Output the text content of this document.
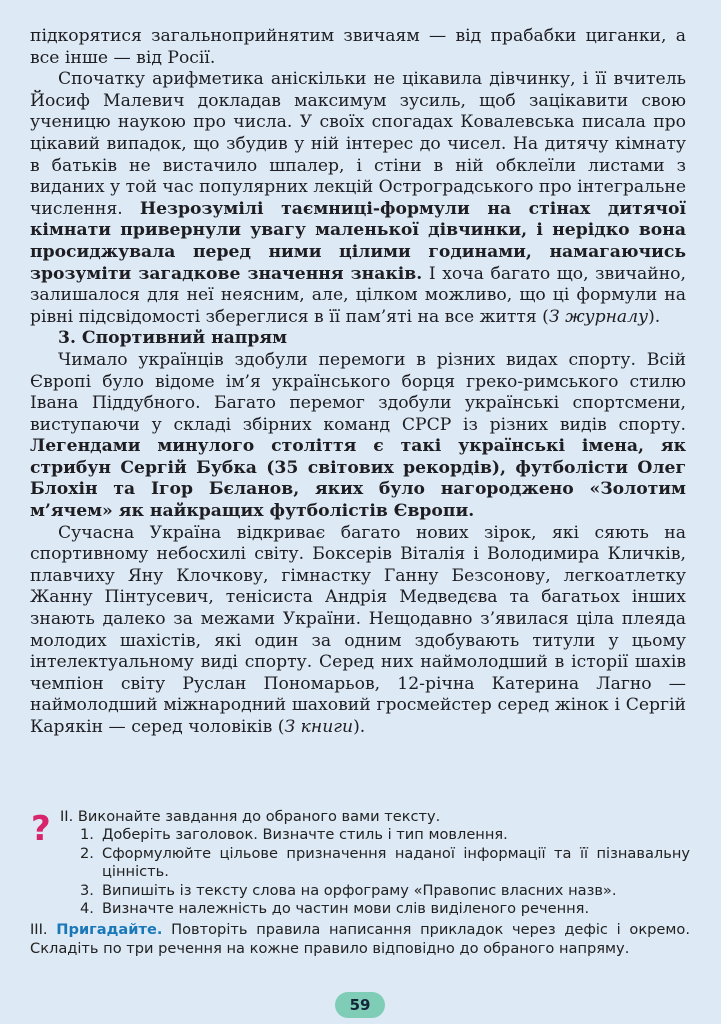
підкорятися загальноприйнятим звичаям — від прабабки циганки, а все інше — від Росії.

Спочатку арифметика аніскільки не цікавила дівчинку, і її вчитель Йосиф Малевич докладав максимум зусиль, щоб зацікавити свою ученицю наукою про числа. У своїх спогадах Ковалевська писала про цікавий випадок, що збудив у ній інтерес до чисел. На дитячу кімнату в батьків не вистачило шпалер, і стіни в ній обклеїли листами з виданих у той час популярних лекцій Остроградського про інтегральне числення. Незрозумілі таємниці-формули на стінах дитячої кімнати привернули увагу маленької дівчинки, і нерідко вона просиджувала перед ними цілими годинами, намагаючись зрозуміти загадкове значення знаків. І хоча багато що, звичайно, залишалося для неї неясним, але, цілком можливо, що ці формули на рівні підсвідомості збереглися в її пам’яті на все життя (З журналу).

3. Спортивний напрям

Чимало українців здобули перемоги в різних видах спорту. Всій Європі було відоме ім’я українського борця греко-римського стилю Івана Піддубного. Багато перемог здобули українські спортсмени, виступаючи у складі збірних команд СРСР із різних видів спорту. Легендами минулого століття є такі українські імена, як стрибун Сергій Бубка (35 світових рекордів), футболісти Олег Блохін та Ігор Бєланов, яких було нагороджено «Золотим м’ячем» як найкращих футболістів Європи.

Сучасна Україна відкриває багато нових зірок, які сяють на спортивному небосхилі світу. Боксерів Віталія і Володимира Кличків, плавчиху Яну Клочкову, гімнастку Ганну Безсонову, легкоатлетку Жанну Пінтусевич, тенісиста Андрія Медведєва та багатьох інших знають далеко за межами України. Нещодавно з’явилася ціла плеяда молодих шахістів, які один за одним здобувають титули у цьому інтелектуальному виді спорту. Серед них наймолодший в історії шахів чемпіон світу Руслан Пономарьов, 12-річна Катерина Лагно — наймолодший міжнародний шаховий гросмейстер серед жінок і Сергій Карякін — серед чоловіків (З книги).

? II. Виконайте завдання до обраного вами тексту.
1. Доберіть заголовок. Визначте стиль і тип мовлення.
2. Сформулюйте цільове призначення наданої інформації та її пізнавальну цінність.
3. Випишіть із тексту слова на орфограму «Правопис власних назв».
4. Визначте належність до частин мови слів виділеного речення.
III. Пригадайте. Повторіть правила написання прикладок через дефіс і окремо. Складіть по три речення на кожне правило відповідно до обраного напряму.
59
